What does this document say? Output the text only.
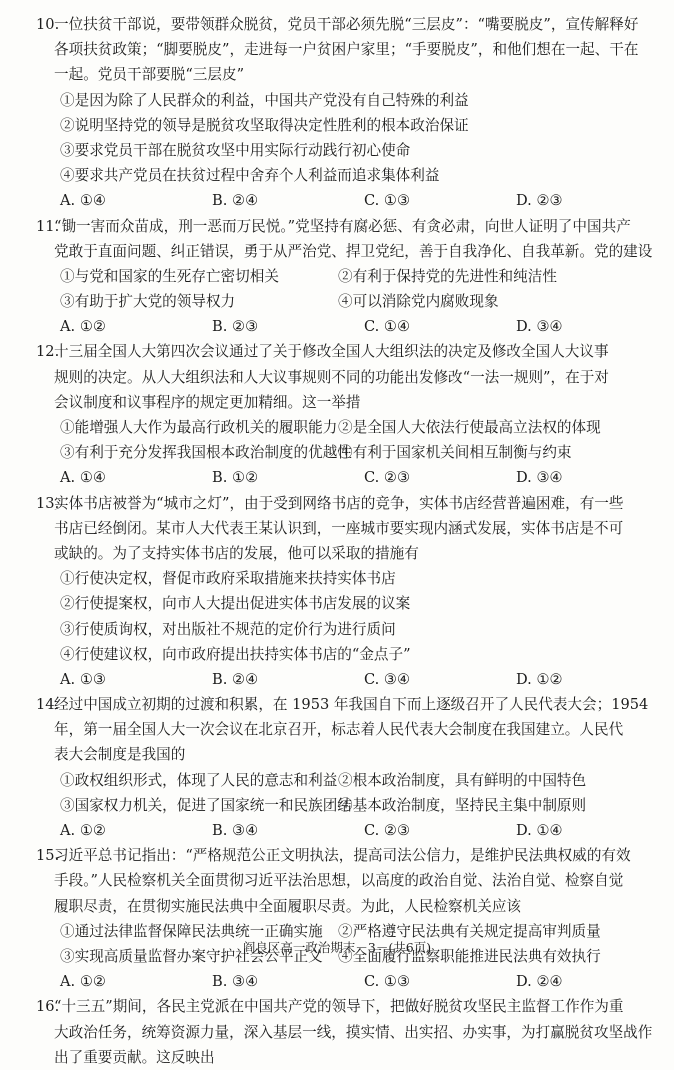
10.一位扶贫干部说，要带领群众脱贫，党员干部必须先脱“三层皮”：“嘴要脱皮”，宣传解释好
各项扶贫政策；“脚要脱皮”，走进每一户贫困户家里；“手要脱皮”，和他们想在一起、干在
一起。党员干部要脱“三层皮”
①是因为除了人民群众的利益，中国共产党没有自己特殊的利益
②说明坚持党的领导是脱贫攻坚取得决定性胜利的根本政治保证
③要求党员干部在脱贫攻坚中用实际行动践行初心使命
④要求共产党员在扶贫过程中舍弃个人利益而追求集体利益
A. ①④	B. ②④	C. ①③	D. ②③
11.“锄一害而众苗成，刑一恶而万民悦。”党坚持有腐必惩、有贪必肃，向世人证明了中国共产
党敢于直面问题、纠正错误，勇于从严治党、捍卫党纪，善于自我净化、自我革新。党的建设
①与党和国家的生死存亡密切相关	②有利于保持党的先进性和纯洁性
③有助于扩大党的领导权力	④可以消除党内腐败现象
A. ①②	B. ②③	C. ①④	D. ③④
12.十三届全国人大第四次会议通过了关于修改全国人大组织法的决定及修改全国人大议事
规则的决定。从人大组织法和人大议事规则不同的功能出发修改“一法一规则”，在于对
会议制度和议事程序的规定更加精细。这一举措
①能增强人大作为最高行政机关的履职能力 ②是全国人大依法行使最高立法权的体现
③有利于充分发挥我国根本政治制度的优越性
④有利于国家机关间相互制衡与约束
A. ①④	B. ①②	C. ②③	D. ③④
13.实体书店被誉为“城市之灯”，由于受到网络书店的竞争，实体书店经营普遍困难，有一些
书店已经倒闭。某市人大代表王某认识到，一座城市要实现内涵式发展，实体书店是不可
或缺的。为了支持实体书店的发展，他可以采取的措施有
①行使决定权，督促市政府采取措施来扶持实体书店
②行使提案权，向市人大提出促进实体书店发展的议案
③行使质询权，对出版社不规范的定价行为进行质问
④行使建议权，向市政府提出扶持实体书店的“金点子”
A. ①③	B. ②④	C. ③④	D. ①②
14.经过中国成立初期的过渡和积累，在 1953 年我国自下而上逐级召开了人民代表大会；1954
年，第一届全国人大一次会议在北京召开，标志着人民代表大会制度在我国建立。人民代
表大会制度是我国的
①政权组织形式，体现了人民的意志和利益 ②根本政治制度，具有鲜明的中国特色
③国家权力机关，促进了国家统一和民族团结
④基本政治制度，坚持民主集中制原则
A. ①②	B. ③④	C. ②③	D. ①④
15.习近平总书记指出：“严格规范公正文明执法，提高司法公信力，是维护民法典权威的有效
手段。”人民检察机关全面贯彻习近平法治思想，以高度的政治自觉、法治自觉、检察自觉
履职尽责，在贯彻实施民法典中全面履职尽责。为此，人民检察机关应该
①通过法律监督保障民法典统一正确实施	②严格遵守民法典有关规定提高审判质量
③实现高质量监督办案守护社会公平正义	④全面履行监察职能推进民法典有效执行
A. ①②	B. ③④	C. ①③	D. ②④
16.“十三五”期间，各民主党派在中国共产党的领导下，把做好脱贫攻坚民主监督工作作为重
大政治任务，统筹资源力量，深入基层一线，摸实情、出实招、办实事，为打赢脱贫攻坚战作
出了重要贡献。这反映出
阎良区高一政治期末－3－(共6页)
